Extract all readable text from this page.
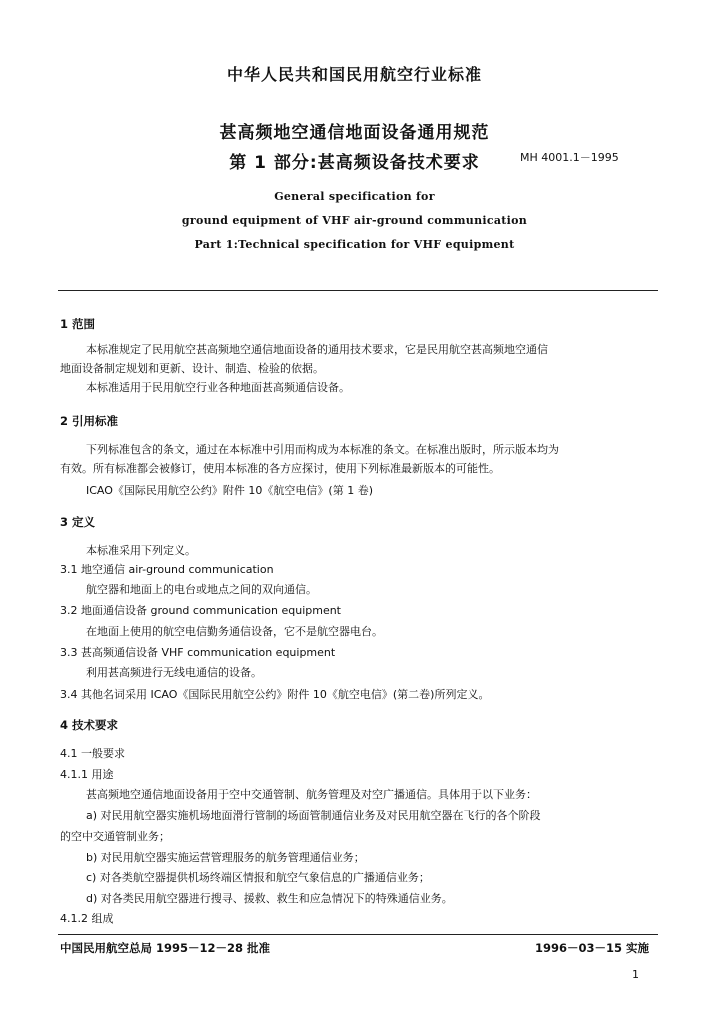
中华人民共和国民用航空行业标准
甚高频地空通信地面设备通用规范
第 1 部分:甚高频设备技术要求	MH 4001.1－1995
General specification for
ground equipment of VHF air-ground communication
Part 1:Technical specification for VHF equipment
1 范围
本标准规定了民用航空甚高频地空通信地面设备的通用技术要求，它是民用航空甚高频地空通信
地面设备制定规划和更新、设计、制造、检验的依据。
本标准适用于民用航空行业各种地面甚高频通信设备。
2 引用标准
下列标准包含的条文，通过在本标准中引用而构成为本标准的条文。在标准出版时，所示版本均为
有效。所有标准都会被修订，使用本标准的各方应探讨，使用下列标准最新版本的可能性。
ICAO《国际民用航空公约》附件 10《航空电信》(第 1 卷)
3 定义
本标准采用下列定义。
3.1 地空通信 air-ground communication
航空器和地面上的电台或地点之间的双向通信。
3.2 地面通信设备 ground communication equipment
在地面上使用的航空电信勤务通信设备，它不是航空器电台。
3.3 甚高频通信设备 VHF communication equipment
利用甚高频进行无线电通信的设备。
3.4 其他名词采用 ICAO《国际民用航空公约》附件 10《航空电信》(第二卷)所列定义。
4 技术要求
4.1 一般要求
4.1.1 用途
甚高频地空通信地面设备用于空中交通管制、航务管理及对空广播通信。具体用于以下业务：
a) 对民用航空器实施机场地面滑行管制的场面管制通信业务及对民用航空器在飞行的各个阶段
的空中交通管制业务；
b) 对民用航空器实施运营管理服务的航务管理通信业务；
c) 对各类航空器提供机场终端区情报和航空气象信息的广播通信业务；
d) 对各类民用航空器进行搜寻、援救、救生和应急情况下的特殊通信业务。
4.1.2 组成
中国民用航空总局 1995－12－28 批准	1996－03－15 实施
1
